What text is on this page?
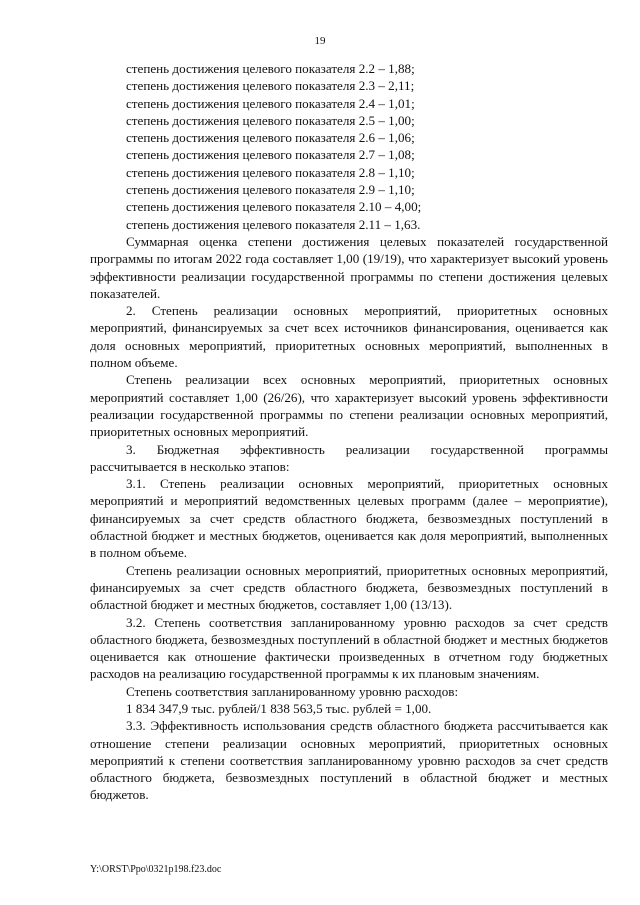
19
степень достижения целевого показателя 2.2 – 1,88;
степень достижения целевого показателя 2.3 – 2,11;
степень достижения целевого показателя 2.4 – 1,01;
степень достижения целевого показателя 2.5 – 1,00;
степень достижения целевого показателя 2.6 – 1,06;
степень достижения целевого показателя 2.7 – 1,08;
степень достижения целевого показателя 2.8 – 1,10;
степень достижения целевого показателя 2.9 – 1,10;
степень достижения целевого показателя 2.10 – 4,00;
степень достижения целевого показателя 2.11 – 1,63.

Суммарная оценка степени достижения целевых показателей государственной программы по итогам 2022 года составляет 1,00 (19/19), что характеризует высокий уровень эффективности реализации государственной программы по степени достижения целевых показателей.

2. Степень реализации основных мероприятий, приоритетных основных мероприятий, финансируемых за счет всех источников финансирования, оценивается как доля основных мероприятий, приоритетных основных мероприятий, выполненных в полном объеме.

Степень реализации всех основных мероприятий, приоритетных основных мероприятий составляет 1,00 (26/26), что характеризует высокий уровень эффективности реализации государственной программы по степени реализации основных мероприятий, приоритетных основных мероприятий.

3. Бюджетная эффективность реализации государственной программы рассчитывается в несколько этапов:

3.1. Степень реализации основных мероприятий, приоритетных основных мероприятий и мероприятий ведомственных целевых программ (далее – мероприятие), финансируемых за счет средств областного бюджета, безвозмездных поступлений в областной бюджет и местных бюджетов, оценивается как доля мероприятий, выполненных в полном объеме.

Степень реализации основных мероприятий, приоритетных основных мероприятий, финансируемых за счет средств областного бюджета, безвозмездных поступлений в областной бюджет и местных бюджетов, составляет 1,00 (13/13).

3.2. Степень соответствия запланированному уровню расходов за счет средств областного бюджета, безвозмездных поступлений в областной бюджет и местных бюджетов оценивается как отношение фактически произведенных в отчетном году бюджетных расходов на реализацию государственной программы к их плановым значениям.

Степень соответствия запланированному уровню расходов:
1 834 347,9 тыс. рублей/1 838 563,5 тыс. рублей = 1,00.

3.3. Эффективность использования средств областного бюджета рассчитывается как отношение степени реализации основных мероприятий, приоритетных основных мероприятий к степени соответствия запланированному уровню расходов за счет средств областного бюджета, безвозмездных поступлений в областной бюджет и местных бюджетов.

Y:\ORST\Ppo\0321p198.f23.doc
